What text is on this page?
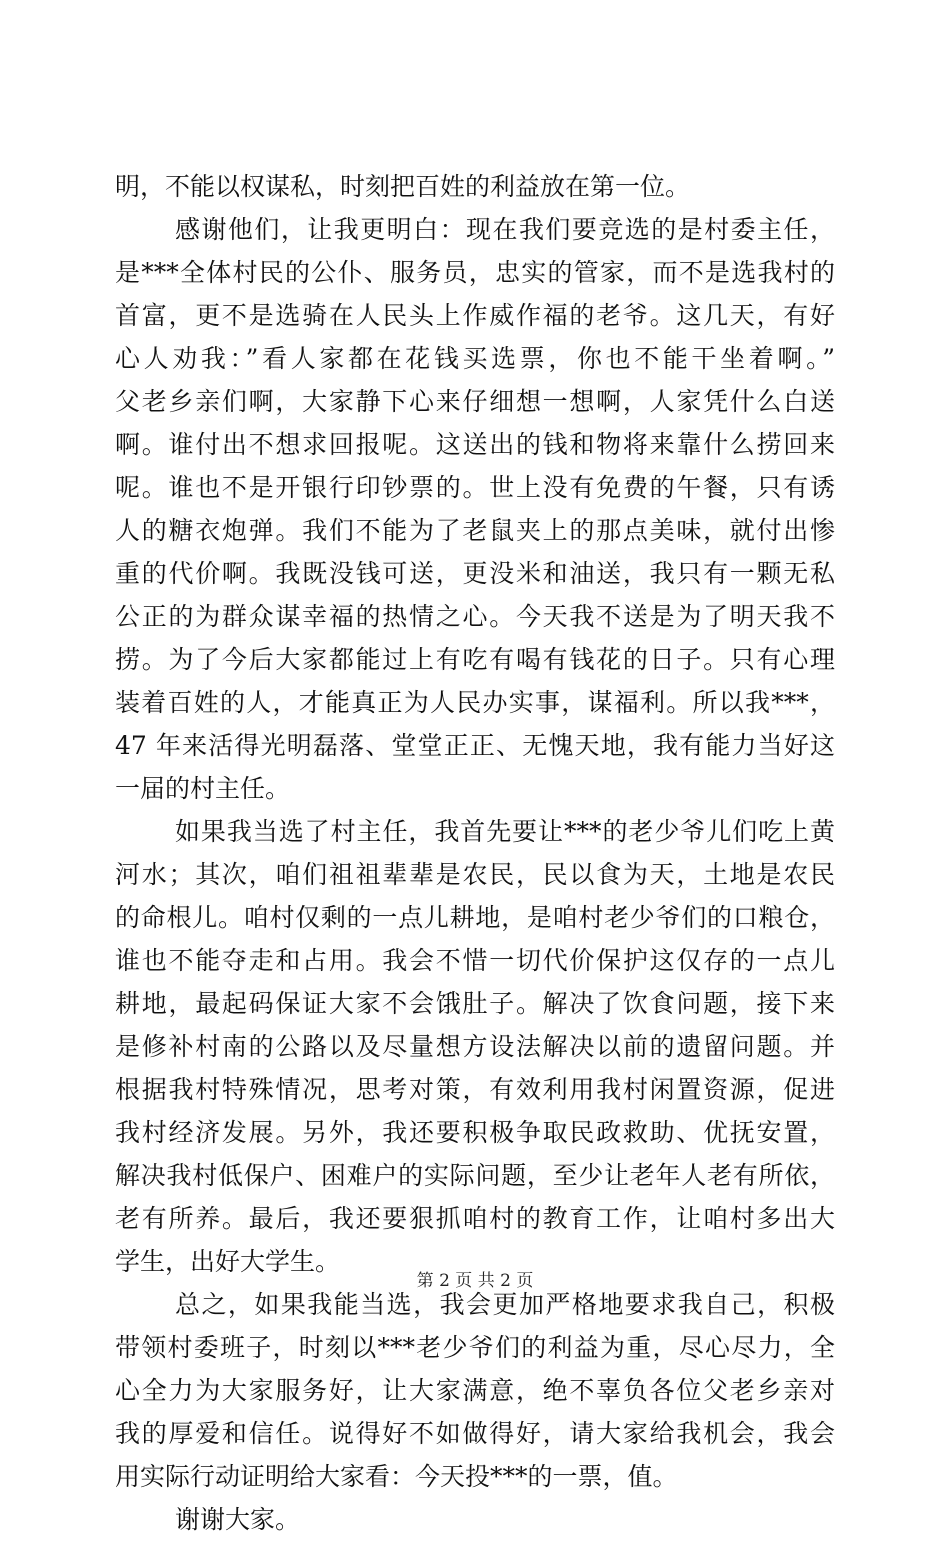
明，不能以权谋私，时刻把百姓的利益放在第一位。
感谢他们，让我更明白：现在我们要竞选的是村委主任，
是***全体村民的公仆、服务员，忠实的管家，而不是选我村的
首富，更不是选骑在人民头上作威作福的老爷。这几天，有好
心人劝我：”看人家都在花钱买选票，你也不能干坐着啊。”
父老乡亲们啊，大家静下心来仔细想一想啊，人家凭什么白送
啊。谁付出不想求回报呢。这送出的钱和物将来靠什么捞回来
呢。谁也不是开银行印钞票的。世上没有免费的午餐，只有诱
人的糖衣炮弹。我们不能为了老鼠夹上的那点美味，就付出惨
重的代价啊。我既没钱可送，更没米和油送，我只有一颗无私
公正的为群众谋幸福的热情之心。今天我不送是为了明天我不
捞。为了今后大家都能过上有吃有喝有钱花的日子。只有心理
装着百姓的人，才能真正为人民办实事，谋福利。所以我***，
47 年来活得光明磊落、堂堂正正、无愧天地，我有能力当好这
一届的村主任。
如果我当选了村主任，我首先要让***的老少爷儿们吃上黄
河水；其次，咱们祖祖辈辈是农民，民以食为天，土地是农民
的命根儿。咱村仅剩的一点儿耕地，是咱村老少爷们的口粮仓，
谁也不能夺走和占用。我会不惜一切代价保护这仅存的一点儿
耕地，最起码保证大家不会饿肚子。解决了饮食问题，接下来
是修补村南的公路以及尽量想方设法解决以前的遗留问题。并
根据我村特殊情况，思考对策，有效利用我村闲置资源，促进
我村经济发展。另外，我还要积极争取民政救助、优抚安置，
解决我村低保户、困难户的实际问题，至少让老年人老有所依，
老有所养。最后，我还要狠抓咱村的教育工作，让咱村多出大
学生，出好大学生。
总之，如果我能当选，我会更加严格地要求我自己，积极
带领村委班子，时刻以***老少爷们的利益为重，尽心尽力，全
心全力为大家服务好，让大家满意，绝不辜负各位父老乡亲对
我的厚爱和信任。说得好不如做得好，请大家给我机会，我会
用实际行动证明给大家看：今天投***的一票，值。
谢谢大家。
第 2 页 共 2 页
